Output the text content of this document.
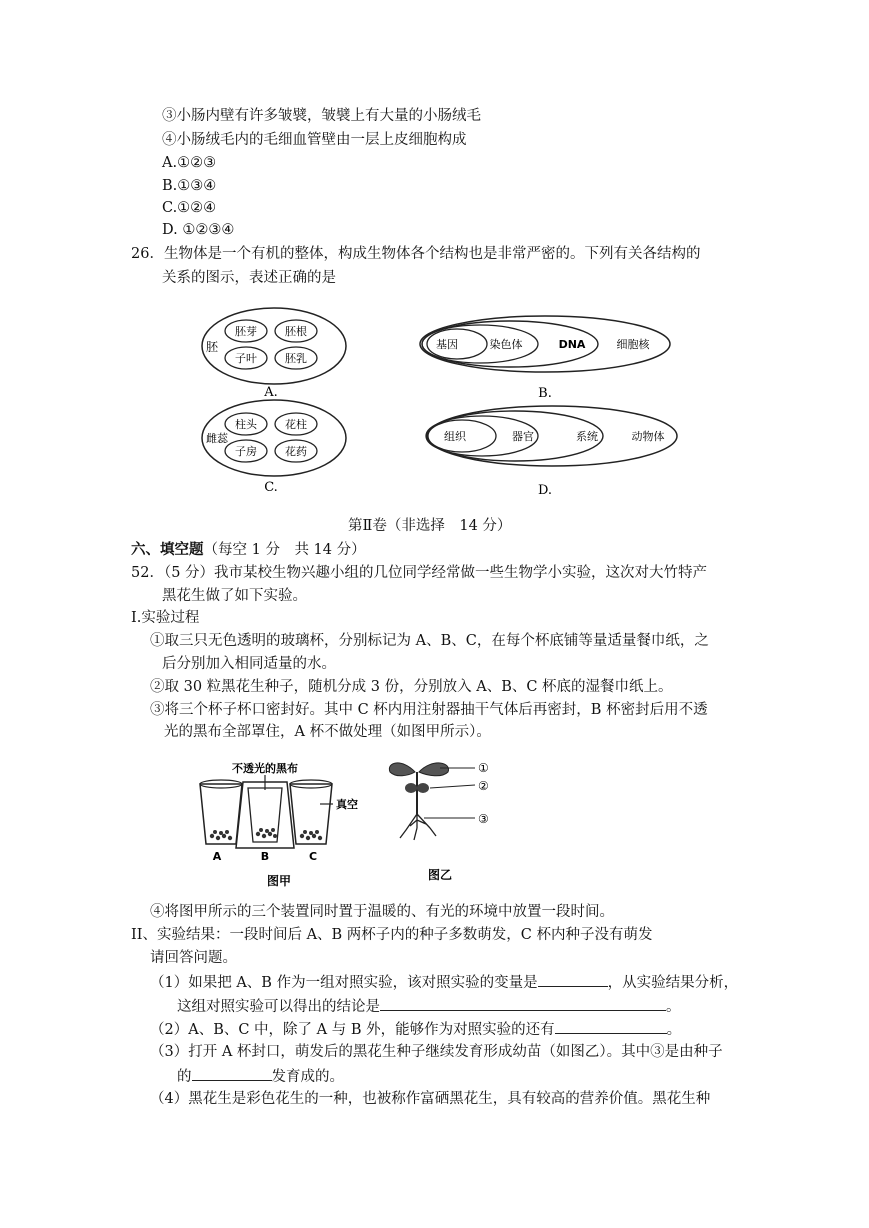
③小肠内壁有许多皱襞，皱襞上有大量的小肠绒毛
④小肠绒毛内的毛细血管壁由一层上皮细胞构成
A.①②③
B.①③④
C.①②④
D. ①②③④
26．生物体是一个有机的整体，构成生物体各个结构也是非常严密的。下列有关各结构的
关系的图示，表述正确的是
胚
胚芽	胚根
子叶	胚乳
A.
基因	染色体	DNA	细胞核
B.
雌蕊
柱头	花柱
子房	花药
C.
组织	器官	系统	动物体
D.
第Ⅱ卷（非选择　14 分）
六、填空题（每空 1 分　共 14 分）
52．（5 分）我市某校生物兴趣小组的几位同学经常做一些生物学小实验，这次对大竹特产
黑花生做了如下实验。
I.实验过程
①取三只无色透明的玻璃杯，分别标记为 A、B、C，在每个杯底铺等量适量餐巾纸，之
后分别加入相同适量的水。
②取 30 粒黑花生种子，随机分成 3 份，分别放入 A、B、C 杯底的湿餐巾纸上。
③将三个杯子杯口密封好。其中 C 杯内用注射器抽干气体后再密封，B 杯密封后用不透
光的黑布全部罩住，A 杯不做处理（如图甲所示）。
不透光的黑布
真空
A	B	C
图甲
①
②
③
图乙
④将图甲所示的三个装置同时置于温暖的、有光的环境中放置一段时间。
II、实验结果：一段时间后 A、B 两杯子内的种子多数萌发，C 杯内种子没有萌发
请回答问题。
（1）如果把 A、B 作为一组对照实验，该对照实验的变量是	，从实验结果分析，
这组对照实验可以得出的结论是	。
（2）A、B、C 中，除了 A 与 B 外，能够作为对照实验的还有	。
（3）打开 A 杯封口，萌发后的黑花生种子继续发育形成幼苗（如图乙）。其中③是由种子
的	发育成的。
（4）黑花生是彩色花生的一种，也被称作富硒黑花生，具有较高的营养价值。黑花生种
